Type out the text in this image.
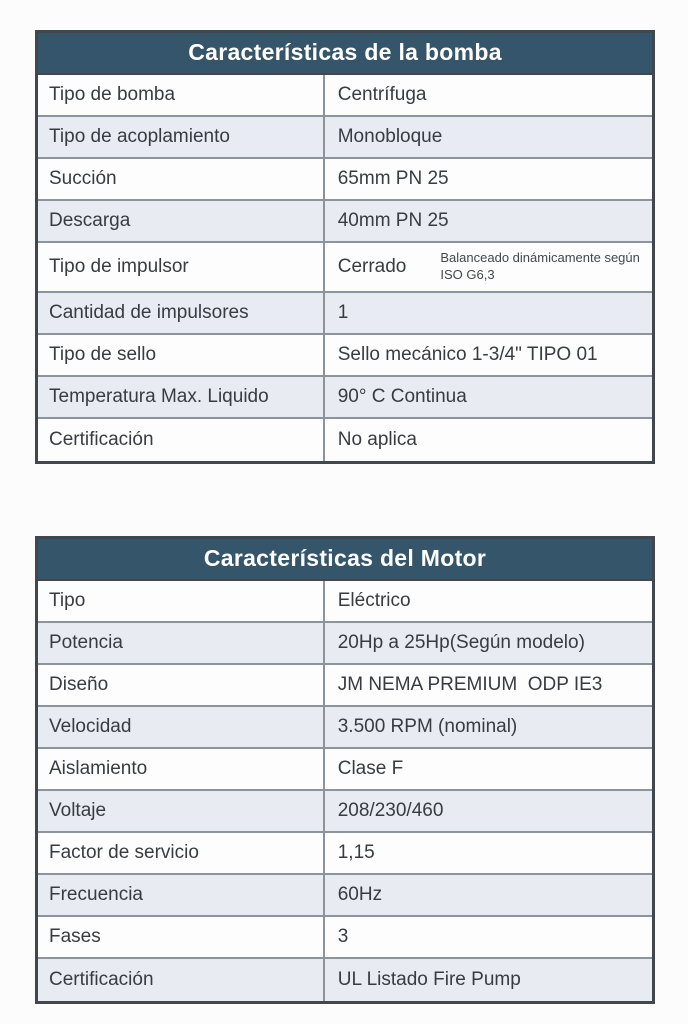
Características de la bomba
Tipo de bomba	Centrífuga
Tipo de acoplamiento	Monobloque
Succión	65mm PN 25
Descarga	40mm PN 25
Tipo de impulsor	Cerrado	Balanceado dinámicamente según ISO G6,3
Cantidad de impulsores	1
Tipo de sello	Sello mecánico 1-3/4" TIPO 01
Temperatura Max. Liquido	90° C Continua
Certificación	No aplica
Características del Motor
Tipo	Eléctrico
Potencia	20Hp a 25Hp(Según modelo)
Diseño	JM NEMA PREMIUM  ODP IE3
Velocidad	3.500 RPM (nominal)
Aislamiento	Clase F
Voltaje	208/230/460
Factor de servicio	1,15
Frecuencia	60Hz
Fases	3
Certificación	UL Listado Fire Pump
